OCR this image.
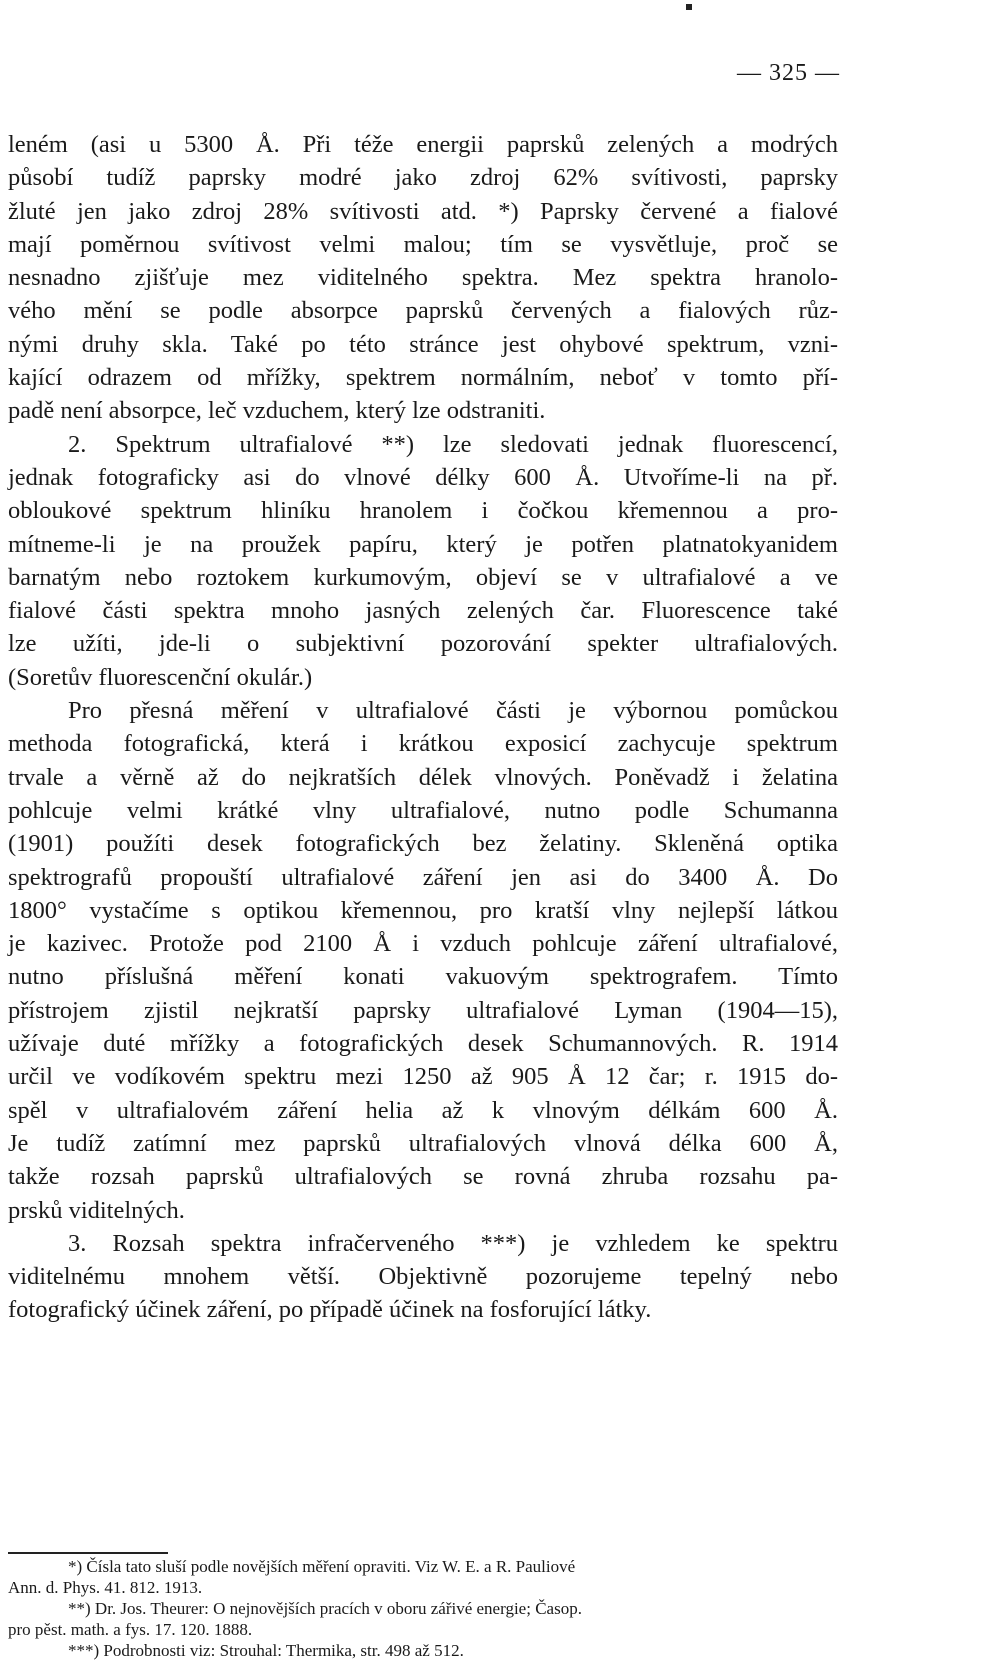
— 325 —
leném (asi u 5300 Å. Při téže energii paprsků zelených a modrých
působí tudíž paprsky modré jako zdroj 62% svítivosti, paprsky
žluté jen jako zdroj 28% svítivosti atd. *) Paprsky červené a fialové
mají poměrnou svítivost velmi malou; tím se vysvětluje, proč se
nesnadno zjišťuje mez viditelného spektra. Mez spektra hranolo-
vého mění se podle absorpce paprsků červených a fialových růz-
nými druhy skla. Také po této stránce jest ohybové spektrum, vzni-
kající odrazem od mřížky, spektrem normálním, neboť v tomto pří-
padě není absorpce, leč vzduchem, který lze odstraniti.
2. Spektrum ultrafialové **) lze sledovati jednak fluorescencí,
jednak fotograficky asi do vlnové délky 600 Å. Utvoříme-li na př.
obloukové spektrum hliníku hranolem i čočkou křemennou a pro-
mítneme-li je na proužek papíru, který je potřen platnatokyanidem
barnatým nebo roztokem kurkumovým, objeví se v ultrafialové a ve
fialové části spektra mnoho jasných zelených čar. Fluorescence také
lze užíti, jde-li o subjektivní pozorování spekter ultrafialových.
(Soretův fluorescenční okulár.)
Pro přesná měření v ultrafialové části je výbornou pomůckou
methoda fotografická, která i krátkou exposicí zachycuje spektrum
trvale a věrně až do nejkratších délek vlnových. Poněvadž i želatina
pohlcuje velmi krátké vlny ultrafialové, nutno podle Schumanna
(1901) použíti desek fotografických bez želatiny. Skleněná optika
spektrografů propouští ultrafialové záření jen asi do 3400 Å. Do
1800° vystačíme s optikou křemennou, pro kratší vlny nejlepší látkou
je kazivec. Protože pod 2100 Å i vzduch pohlcuje záření ultrafialové,
nutno příslušná měření konati vakuovým spektrografem. Tímto
přístrojem zjistil nejkratší paprsky ultrafialové Lyman (1904—15),
užívaje duté mřížky a fotografických desek Schumannových. R. 1914
určil ve vodíkovém spektru mezi 1250 až 905 Å 12 čar; r. 1915 do-
spěl v ultrafialovém záření helia až k vlnovým délkám 600 Å.
Je tudíž zatímní mez paprsků ultrafialových vlnová délka 600 Å,
takže rozsah paprsků ultrafialových se rovná zhruba rozsahu pa-
prsků viditelných.
3. Rozsah spektra infračerveného ***) je vzhledem ke spektru
viditelnému mnohem větší. Objektivně pozorujeme tepelný nebo
fotografický účinek záření, po případě účinek na fosforující látky.
*) Čísla tato sluší podle novějších měření opraviti. Viz W. E. a R. Pauliové
Ann. d. Phys. 41. 812. 1913.
**) Dr. Jos. Theurer: O nejnovějších pracích v oboru zářivé energie; Časop.
pro pěst. math. a fys. 17. 120. 1888.
***) Podrobnosti viz: Strouhal: Thermika, str. 498 až 512.
